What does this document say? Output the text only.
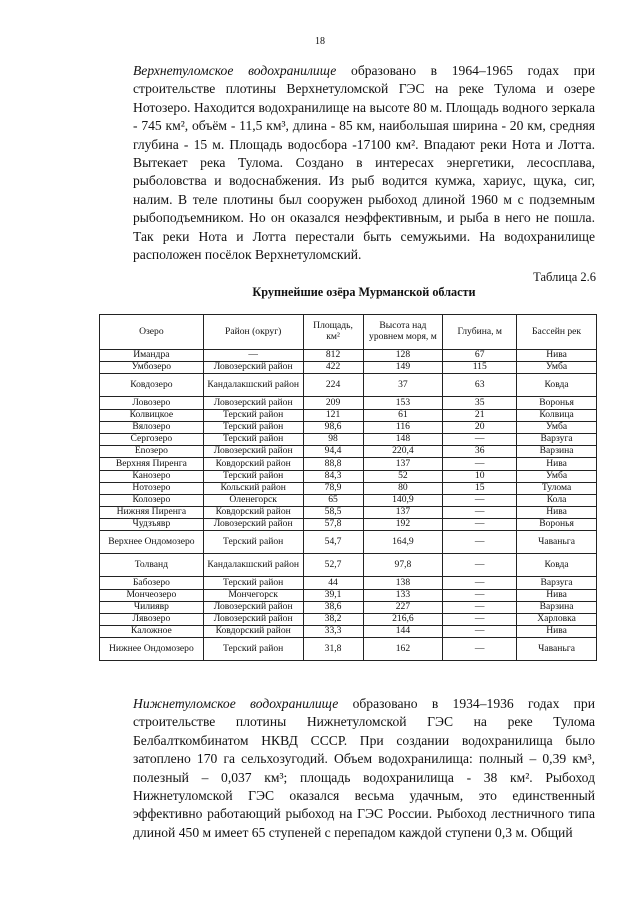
18

Верхнетуломское водохранилище образовано в 1964–1965 годах при строительстве плотины Верхнетуломской ГЭС на реке Тулома и озере Нотозеро. Находится водохранилище на высоте 80 м. Площадь водного зеркала - 745 км², объём - 11,5 км³, длина - 85 км, наибольшая ширина - 20 км, средняя глубина - 15 м. Площадь водосбора -17100 км². Впадают реки Нота и Лотта. Вытекает река Тулома. Создано в интересах энергетики, лесосплава, рыболовства и водоснабжения. Из рыб водится кумжа, хариус, щука, сиг, налим. В теле плотины был сооружен рыбоход длиной 1960 м с подземным рыбоподъемником. Но он оказался неэффективным, и рыба в него не пошла. Так реки Нота и Лотта перестали быть семужьими. На водохранилище расположен посёлок Верхнетуломский.

Таблица 2.6
Крупнейшие озёра Мурманской области
Озеро	Район (округ)	Площадь, км²	Высота над уровнем моря, м	Глубина, м	Бассейн рек
Имандра	—	812	128	67	Нива
Умбозеро	Ловозерский район	422	149	115	Умба
Ковдозеро	Кандалакшский район	224	37	63	Ковда
Ловозеро	Ловозерский район	209	153	35	Воронья
Колвицкое	Терский район	121	61	21	Колвица
Вялозеро	Терский район	98,6	116	20	Умба
Сергозеро	Терский район	98	148	—	Варзуга
Еnозеро	Ловозерский район	94,4	220,4	36	Варзина
Верхняя Пиренга	Ковдорский район	88,8	137	—	Нива
Канозеро	Терский район	84,3	52	10	Умба
Нотозеро	Кольский район	78,9	80	15	Тулома
Колозеро	Оленегорск	65	140,9	—	Кола
Нижняя Пиренга	Ковдорский район	58,5	137	—	Нива
Чудзъявр	Ловозерский район	57,8	192	—	Воронья
Верхнее Ондомозеро	Терский район	54,7	164,9	—	Чаваньга
Толванд	Кандалакшский район	52,7	97,8	—	Ковда
Бабозеро	Терский район	44	138	—	Варзуга
Мончеозеро	Мончегорск	39,1	133	—	Нива
Чилиявр	Ловозерский район	38,6	227	—	Варзина
Лявозеро	Ловозерский район	38,2	216,6	—	Харловка
Каложное	Ковдорский район	33,3	144	—	Нива
Нижнее Ондомозеро	Терский район	31,8	162	—	Чаваньга

Нижнетуломское водохранилище образовано в 1934–1936 годах при строительстве плотины Нижнетуломской ГЭС на реке Тулома Белбалткомбинатом НКВД СССР. При создании водохранилища было затоплено 170 га сельхозугодий. Объем водохранилища: полный – 0,39 км³, полезный – 0,037 км³; площадь водохранилища - 38 км². Рыбоход Нижнетуломской ГЭС оказался весьма удачным, это единственный эффективно работающий рыбоход на ГЭС России. Рыбоход лестничного типа длиной 450 м имеет 65 ступеней с перепадом каждой ступени 0,3 м. Общий
